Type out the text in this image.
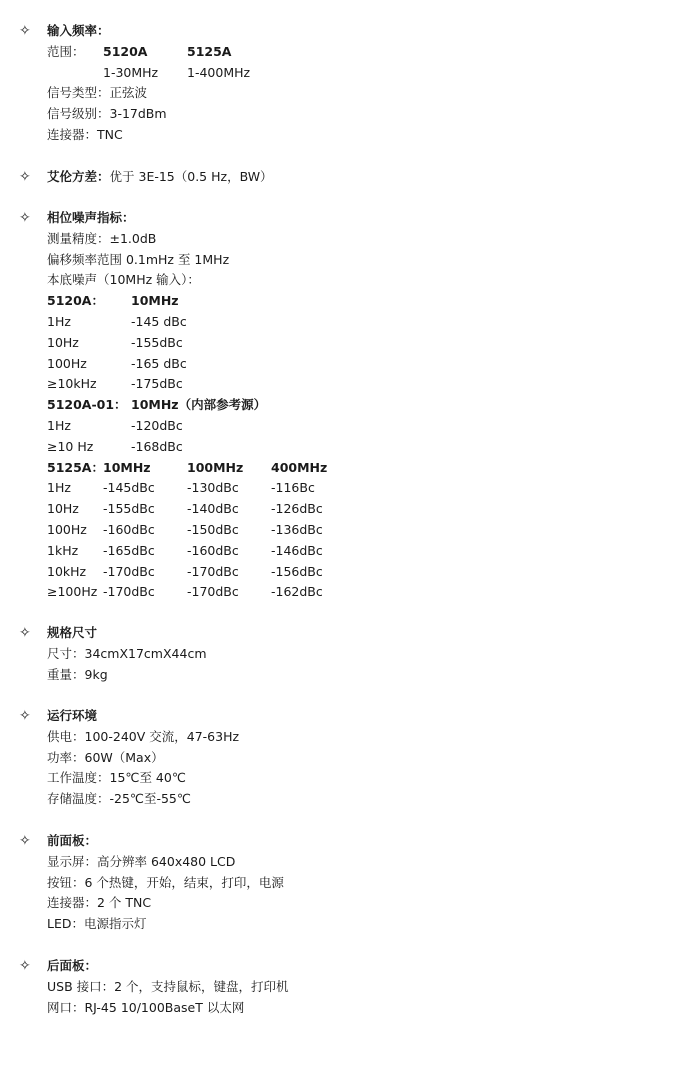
✧ 输入频率：
范围： 5120A	5125A
1-30MHz 1-400MHz
信号类型：正弦波
信号级别：3-17dBm
连接器：TNC
✧ 艾伦方差：优于 3E-15（0.5 Hz，BW）
✧ 相位噪声指标：
测量精度：±1.0dB
偏移频率范围 0.1mHz 至 1MHz
本底噪声（10MHz 输入）：
5120A： 10MHz
1Hz	-145 dBc
10Hz	-155dBc
100Hz	-165 dBc
≥10kHz	-175dBc
5120A-01： 10MHz（内部参考源）
1Hz	-120dBc
≥10 Hz	-168dBc
5125A： 10MHz	100MHz 400MHz
1Hz	-145dBc	-130dBc	-116Bc
10Hz -155dBc	-140dBc	-126dBc
100Hz -160dBc	-150dBc	-136dBc
1kHz -165dBc	-160dBc	-146dBc
10kHz -170dBc	-170dBc	-156dBc
≥100Hz -170dBc	-170dBc	-162dBc
✧ 规格尺寸
尺寸：34cmX17cmX44cm
重量：9kg
✧ 运行环境
供电：100-240V 交流，47-63Hz
功率：60W（Max）
工作温度：15℃至 40℃
存储温度：-25℃至-55℃
✧ 前面板：
显示屏：高分辨率 640x480 LCD
按钮：6 个热键，开始，结束，打印，电源
连接器：2 个 TNC
LED：电源指示灯
✧ 后面板：
USB 接口：2 个，支持鼠标，键盘，打印机
网口：RJ-45 10/100BaseT 以太网
